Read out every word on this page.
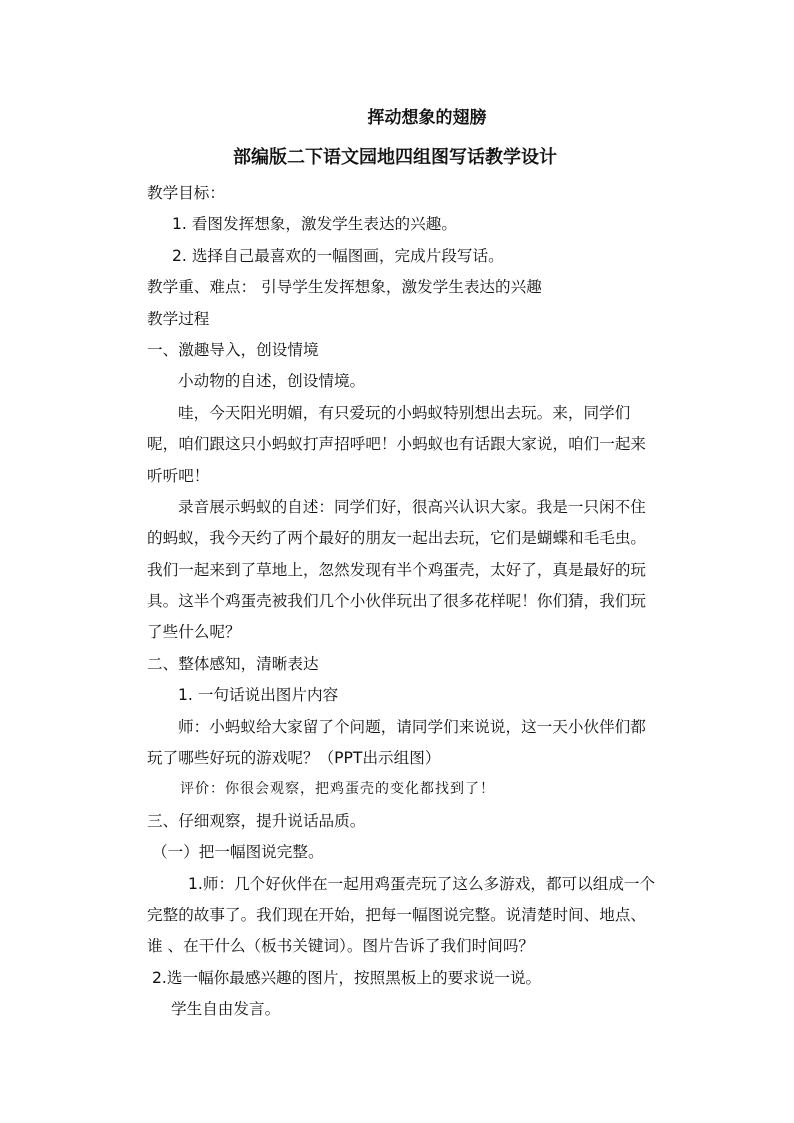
挥动想象的翅膀
部编版二下语文园地四组图写话教学设计
教学目标：
1. 看图发挥想象，激发学生表达的兴趣。
2. 选择自己最喜欢的一幅图画，完成片段写话。
教学重、难点： 引导学生发挥想象，激发学生表达的兴趣
教学过程
一、激趣导入，创设情境
小动物的自述，创设情境。
哇，今天阳光明媚，有只爱玩的小蚂蚁特别想出去玩。来，同学们
呢，咱们跟这只小蚂蚁打声招呼吧！小蚂蚁也有话跟大家说，咱们一起来
听听吧！
录音展示蚂蚁的自述：同学们好，很高兴认识大家。我是一只闲不住
的蚂蚁，我今天约了两个最好的朋友一起出去玩，它们是蝴蝶和毛毛虫。
我们一起来到了草地上，忽然发现有半个鸡蛋壳，太好了，真是最好的玩
具。这半个鸡蛋壳被我们几个小伙伴玩出了很多花样呢！你们猜，我们玩
了些什么呢？
二、整体感知，清晰表达
1. 一句话说出图片内容
师：小蚂蚁给大家留了个问题，请同学们来说说，这一天小伙伴们都
玩了哪些好玩的游戏呢？（PPT出示组图）
评价：你很会观察，把鸡蛋壳的变化都找到了！
三、仔细观察，提升说话品质。
（一）把一幅图说完整。
1.师：几个好伙伴在一起用鸡蛋壳玩了这么多游戏，都可以组成一个
完整的故事了。我们现在开始，把每一幅图说完整。说清楚时间、地点、
谁 、在干什么（板书关键词）。图片告诉了我们时间吗？
2.选一幅你最感兴趣的图片，按照黑板上的要求说一说。
学生自由发言。
